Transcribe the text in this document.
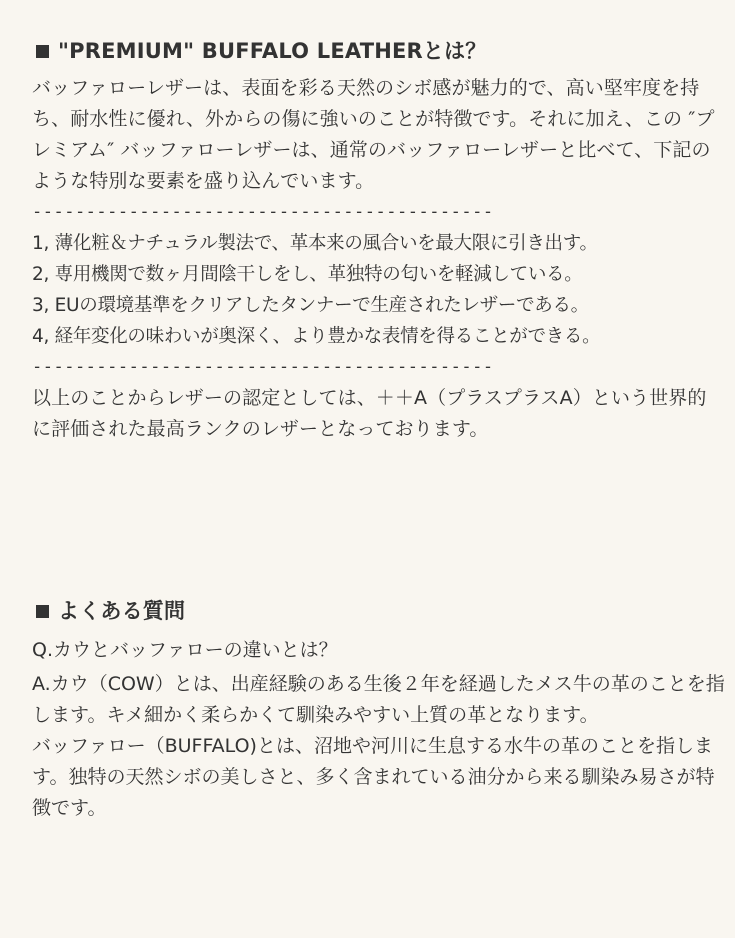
"PREMIUM" BUFFALO LEATHERとは？

バッファローレザーは、表面を彩る天然のシボ感が魅力的で、高い堅牢度を持ち、耐水性に優れ、外からの傷に強いのことが特徴です。それに加え、この ″プレミアム″ バッファローレザーは、通常のバッファローレザーと比べて、下記のような特別な要素を盛り込んでいます。

-------------------------------------------
1, 薄化粧＆ナチュラル製法で、革本来の風合いを最大限に引き出す。
2, 専用機関で数ヶ月間陰干しをし、革独特の匂いを軽減している。
3, EUの環境基準をクリアしたタンナーで生産されたレザーである。
4, 経年変化の味わいが奥深く、より豊かな表情を得ることができる。
-------------------------------------------

以上のことからレザーの認定としては、＋＋A（プラスプラスA）という世界的に評価された最高ランクのレザーとなっております。

よくある質問
Q.カウとバッファローの違いとは？

A.カウ（COW）とは、出産経験のある生後２年を経過したメス牛の革のことを指します。キメ細かく柔らかくて馴染みやすい上質の革となります。

バッファロー（BUFFALO)とは、沼地や河川に生息する水牛の革のことを指します。独特の天然シボの美しさと、多く含まれている油分から来る馴染み易さが特徴です。
